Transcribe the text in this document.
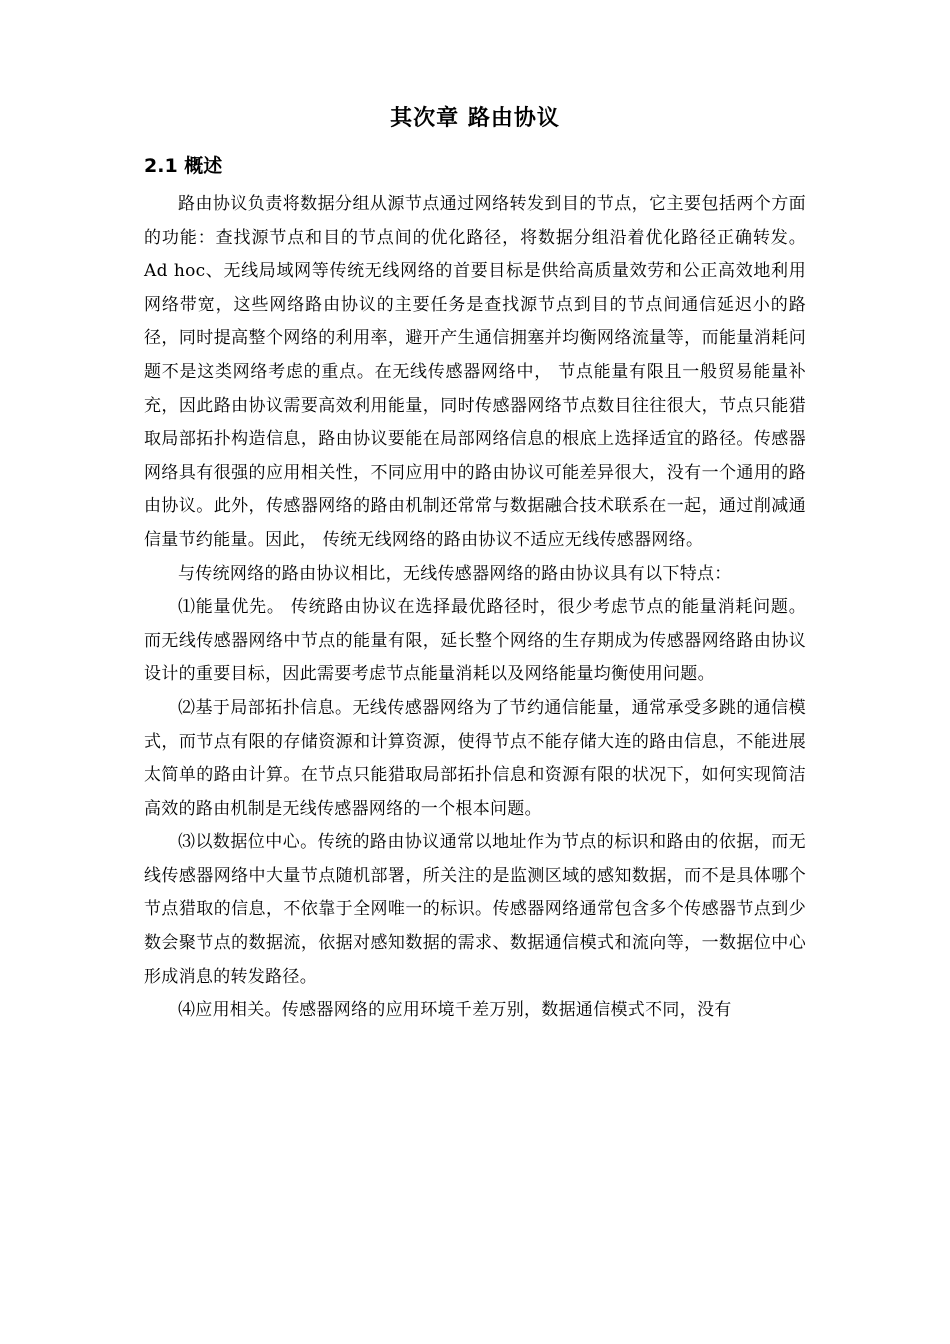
其次章 路由协议
2.1 概述

路由协议负责将数据分组从源节点通过网络转发到目的节点，它主要包括两个方面的功能：查找源节点和目的节点间的优化路径，将数据分组沿着优化路径正确转发。Ad hoc、无线局域网等传统无线网络的首要目标是供给高质量效劳和公正高效地利用网络带宽，这些网络路由协议的主要任务是查找源节点到目的节点间通信延迟小的路径，同时提高整个网络的利用率，避开产生通信拥塞并均衡网络流量等，而能量消耗问题不是这类网络考虑的重点。在无线传感器网络中， 节点能量有限且一般贸易能量补充，因此路由协议需要高效利用能量，同时传感器网络节点数目往往很大，节点只能猎取局部拓扑构造信息，路由协议要能在局部网络信息的根底上选择适宜的路径。传感器网络具有很强的应用相关性，不同应用中的路由协议可能差异很大，没有一个通用的路由协议。此外，传感器网络的路由机制还常常与数据融合技术联系在一起，通过削减通信量节约能量。因此， 传统无线网络的路由协议不适应无线传感器网络。

与传统网络的路由协议相比，无线传感器网络的路由协议具有以下特点：

⑴能量优先。 传统路由协议在选择最优路径时，很少考虑节点的能量消耗问题。而无线传感器网络中节点的能量有限，延长整个网络的生存期成为传感器网络路由协议设计的重要目标，因此需要考虑节点能量消耗以及网络能量均衡使用问题。

⑵基于局部拓扑信息。无线传感器网络为了节约通信能量，通常承受多跳的通信模式，而节点有限的存储资源和计算资源，使得节点不能存储大连的路由信息，不能进展太简单的路由计算。在节点只能猎取局部拓扑信息和资源有限的状况下，如何实现简洁高效的路由机制是无线传感器网络的一个根本问题。

⑶以数据位中心。传统的路由协议通常以地址作为节点的标识和路由的依据，而无线传感器网络中大量节点随机部署，所关注的是监测区域的感知数据，而不是具体哪个节点猎取的信息，不依靠于全网唯一的标识。传感器网络通常包含多个传感器节点到少数会聚节点的数据流，依据对感知数据的需求、数据通信模式和流向等，一数据位中心形成消息的转发路径。

⑷应用相关。传感器网络的应用环境千差万别，数据通信模式不同，没有
